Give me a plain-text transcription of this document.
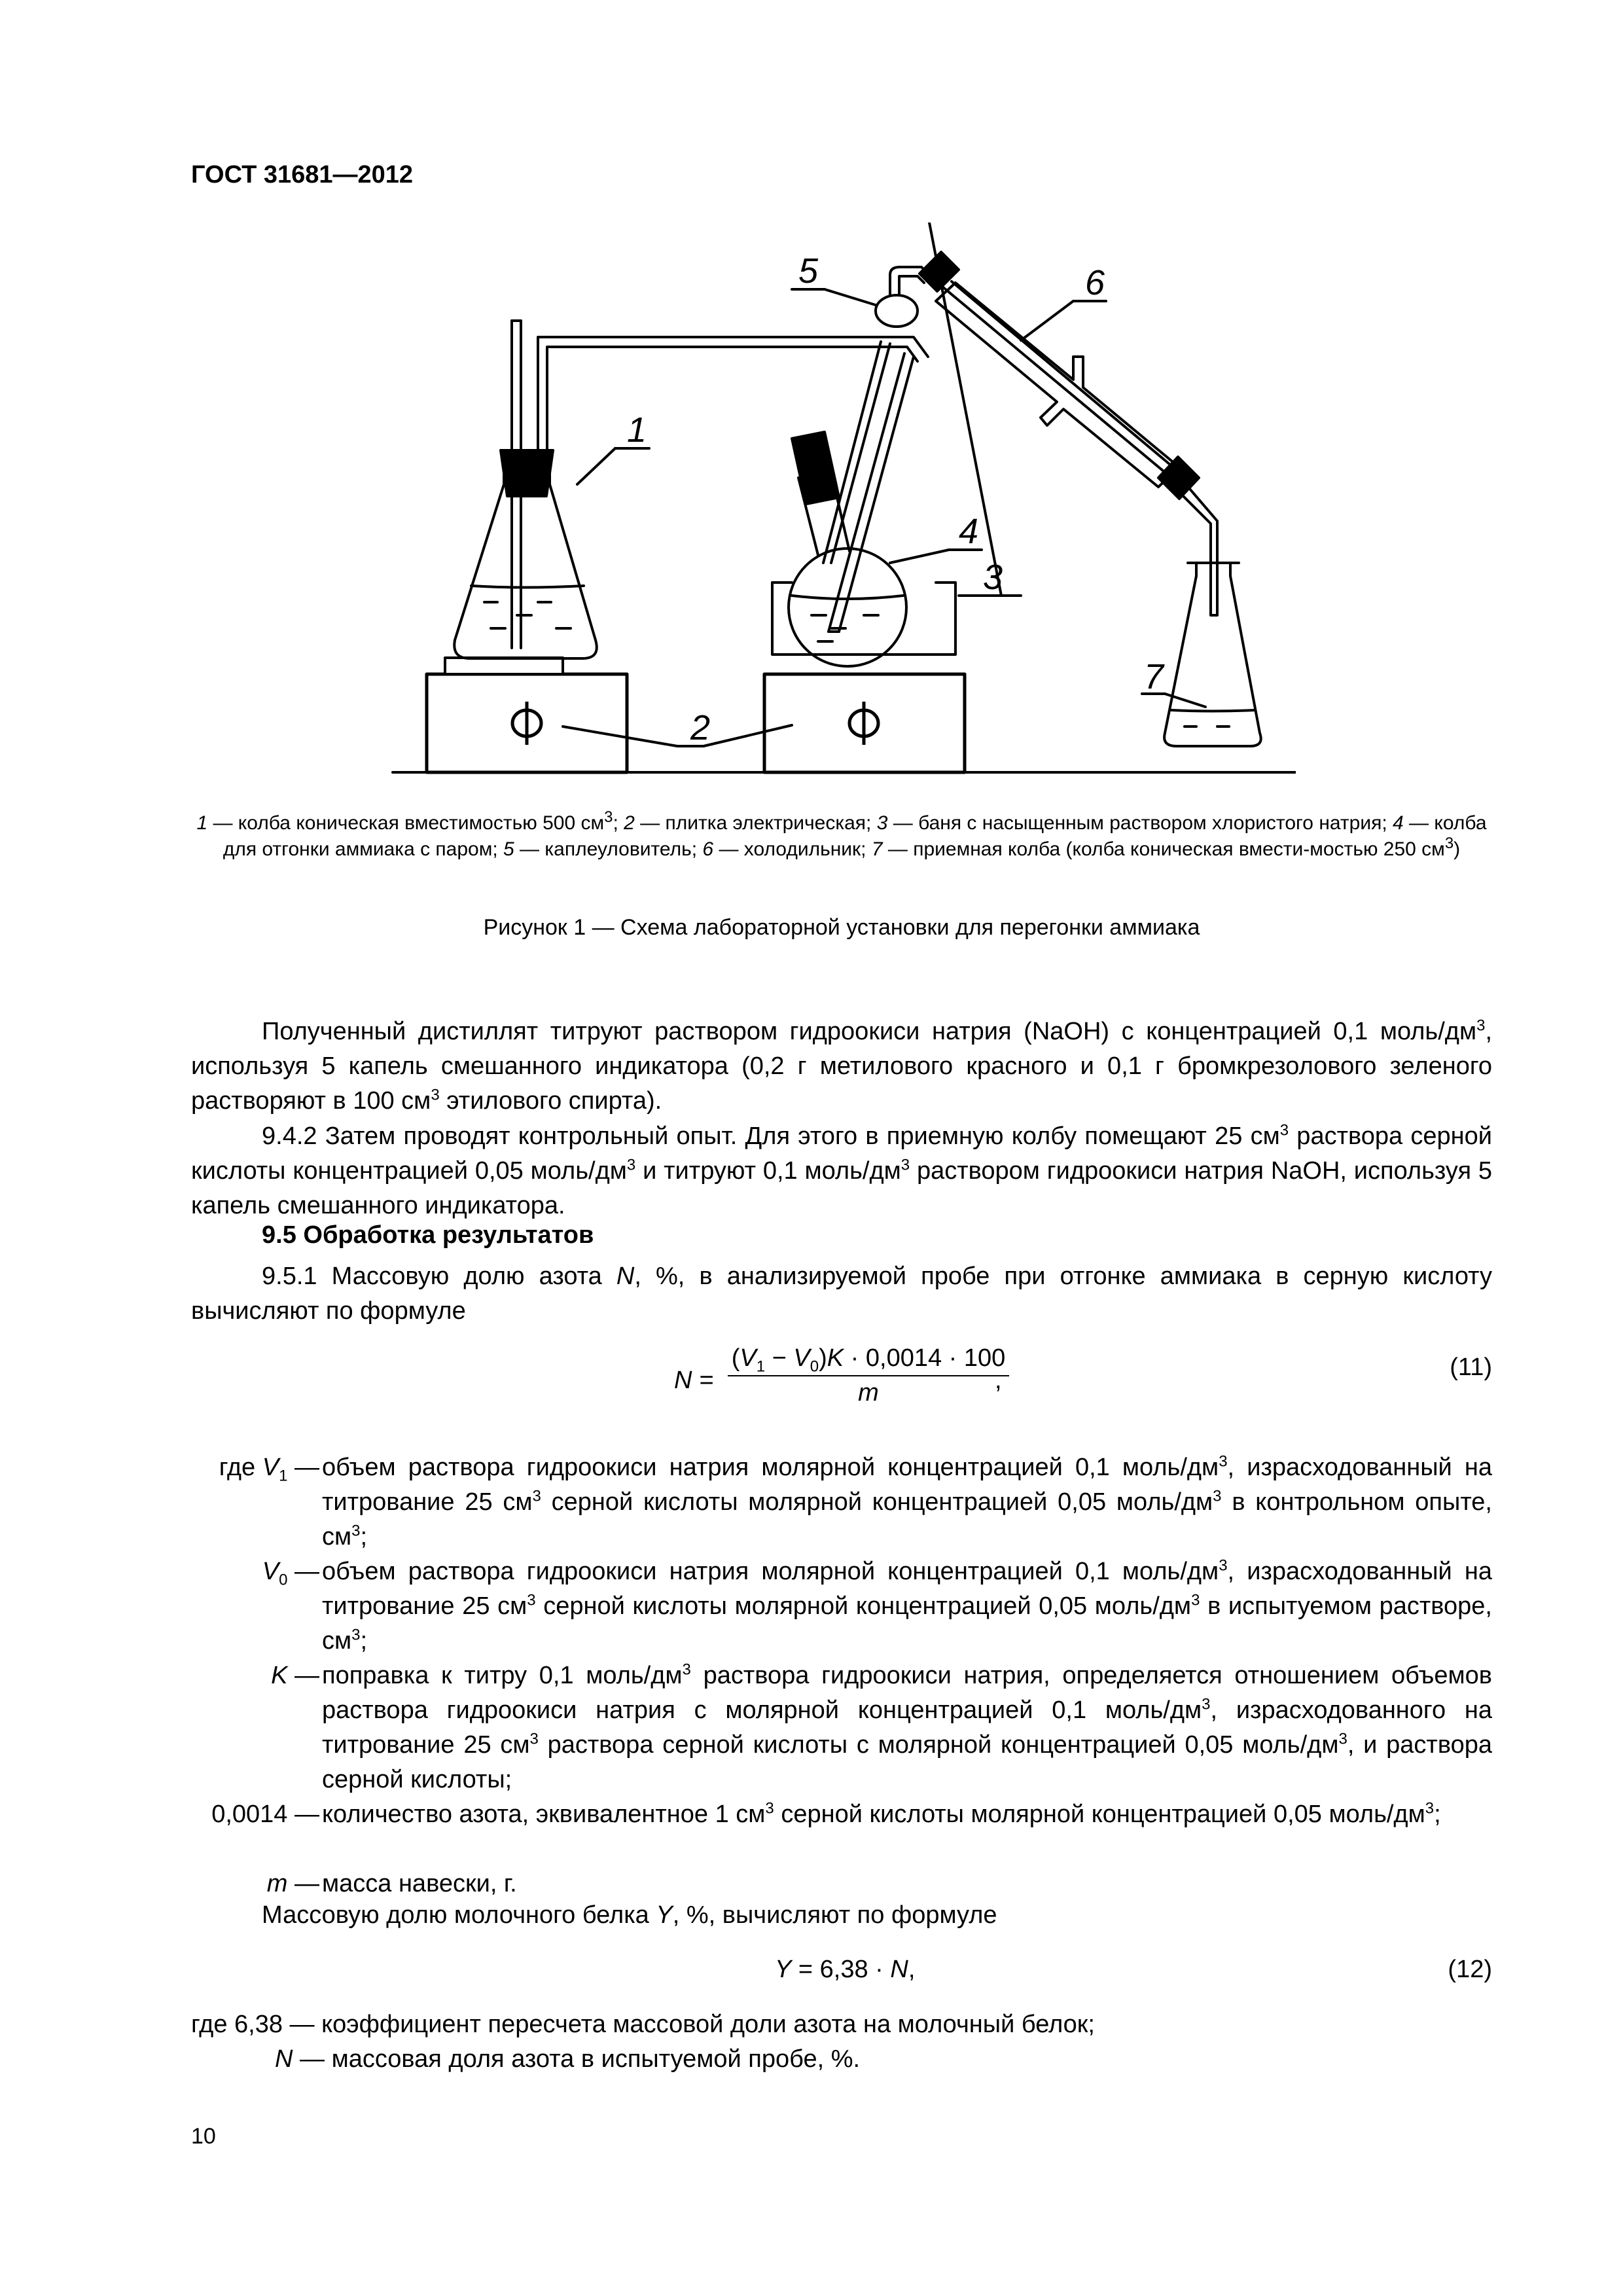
ГОСТ 31681—2012
1
2
3
4
5	6
7
1 — колба коническая вместимостью 500 $см^3$; 2 — плитка электрическая; 3 — баня с насыщенным раствором хлористого натрия; 4 — колба для отгонки аммиака с паром; 5 — каплеуловитель; 6 — холодильник; 7 — приемная колба (колба коническая вмести-мостью 250 $см^3$)
Рисунок 1 — Схема лабораторной установки для перегонки аммиака
Полученный дистиллят титруют раствором гидроокиси натрия (NaOH) с концентрацией 0,1 моль/$дм^3$, используя 5 капель смешанного индикатора (0,2 г метилового красного и 0,1 г бромкрезолового зеленого растворяют в 100 $см^3$ этилового спирта).
9.4.2 Затем проводят контрольный опыт. Для этого в приемную колбу помещают 25 $см^3$ раствора серной кислоты концентрацией 0,05 моль/$дм^3$ и титруют 0,1 моль/$дм^3$ раствором гидроокиси натрия NaOH, используя 5 капель смешанного индикатора.
9.5 Обработка результатов
9.5.1 Массовую долю азота N, %, в анализируемой пробе при отгонке аммиака в серную кислоту вычисляют по формуле
N =
$(V_1 - V_0)K \cdot 0,0014 \cdot 100$
m	,	(11)
где $V_1$ — объем раствора гидроокиси натрия молярной концентрацией 0,1 моль/$дм^3$, израсходованный на титрование 25 $см^3$ серной кислоты молярной концентрацией 0,05 моль/$дм^3$ в контрольном опыте, $см^3$;
$V_0$ — объем раствора гидроокиси натрия молярной концентрацией 0,1 моль/$дм^3$, израсходованный на титрование 25 $см^3$ серной кислоты молярной концентрацией 0,05 моль/$дм^3$ в испытуемом растворе, $см^3$;
K — поправка к титру 0,1 моль/$дм^3$ раствора гидроокиси натрия, определяется отношением объемов раствора гидроокиси натрия с молярной концентрацией 0,1 моль/$дм^3$, израсходованного на титрование 25 $см^3$ раствора серной кислоты с молярной концентрацией 0,05 моль/$дм^3$, и раствора серной кислоты;
0,0014 — количество азота, эквивалентное 1 $см^3$ серной кислоты молярной концентрацией 0,05 моль/$дм^3$;
m — масса навески, г.
Массовую долю молочного белка Y, %, вычисляют по формуле
Y = 6,38 · N,	(12)
где 6,38 — коэффициент пересчета массовой доли азота на молочный белок;
N — массовая доля азота в испытуемой пробе, %.
10
